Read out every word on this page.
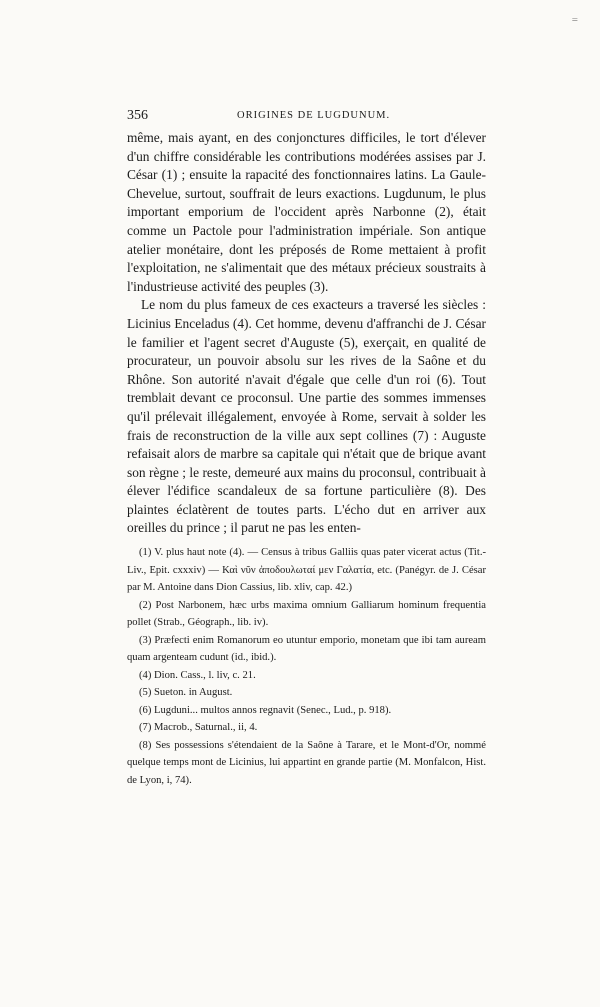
=
356	ORIGINES DE LUGDUNUM.

même, mais ayant, en des conjonctures difficiles, le tort d'élever d'un chiffre considérable les contributions modérées assises par J. César (1) ; ensuite la rapacité des fonctionnaires latins. La Gaule-Chevelue, surtout, souffrait de leurs exactions. Lugdunum, le plus important emporium de l'occident après Narbonne (2), était comme un Pactole pour l'administration impériale. Son antique atelier monétaire, dont les préposés de Rome mettaient à profit l'exploitation, ne s'alimentait que des métaux précieux soustraits à l'industrieuse activité des peuples (3).

Le nom du plus fameux de ces exacteurs a traversé les siècles : Licinius Enceladus (4). Cet homme, devenu d'affranchi de J. César le familier et l'agent secret d'Auguste (5), exerçait, en qualité de procurateur, un pouvoir absolu sur les rives de la Saône et du Rhône. Son autorité n'avait d'égale que celle d'un roi (6). Tout tremblait devant ce proconsul. Une partie des sommes immenses qu'il prélevait illégalement, envoyée à Rome, servait à solder les frais de reconstruction de la ville aux sept collines (7) : Auguste refaisait alors de marbre sa capitale qui n'était que de brique avant son règne ; le reste, demeuré aux mains du proconsul, contribuait à élever l'édifice scandaleux de sa fortune particulière (8). Des plaintes éclatèrent de toutes parts. L'écho dut en arriver aux oreilles du prince ; il parut ne pas les enten-

(1) V. plus haut note (4). — Census à tribus Galliis quas pater vicerat actus (Tit.-Liv., Epit. cxxxiv) — Καὶ νῦν ἀποδουλωταί μεν Γαλατία, etc. (Panégyr. de J. César par M. Antoine dans Dion Cassius, lib. xliv, cap. 42.)

(2) Post Narbonem, hæc urbs maxima omnium Galliarum hominum frequentia pollet (Strab., Géograph., lib. iv).

(3) Præfecti enim Romanorum eo utuntur emporio, monetam que ibi tam auream quam argenteam cudunt (id., ibid.).

(4) Dion. Cass., l. liv, c. 21.

(5) Sueton. in August.

(6) Lugduni... multos annos regnavit (Senec., Lud., p. 918).

(7) Macrob., Saturnal., ii, 4.

(8) Ses possessions s'étendaient de la Saône à Tarare, et le Mont-d'Or, nommé quelque temps mont de Licinius, lui appartint en grande partie (M. Monfalcon, Hist. de Lyon, i, 74).
